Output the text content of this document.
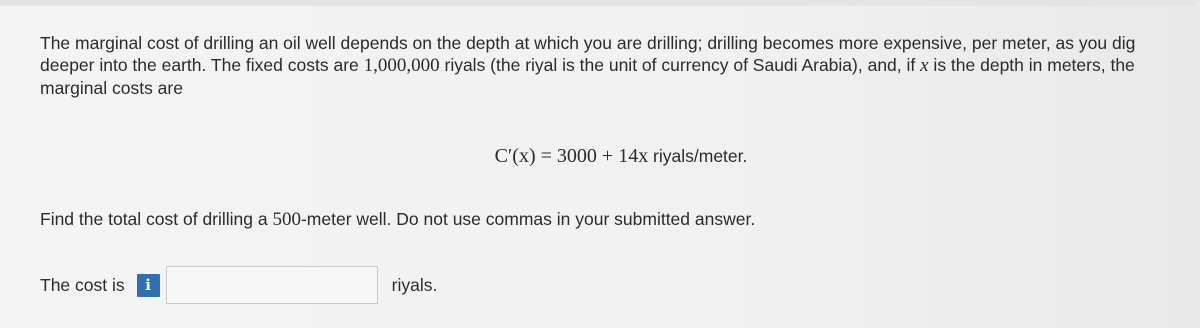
The marginal cost of drilling an oil well depends on the depth at which you are drilling; drilling becomes more expensive, per meter, as you dig deeper into the earth. The fixed costs are 1,000,000 riyals (the riyal is the unit of currency of Saudi Arabia), and, if x is the depth in meters, the marginal costs are
C′(x) = 3000 + 14x riyals/meter.
Find the total cost of drilling a 500-meter well. Do not use commas in your submitted answer.
The cost is	i	riyals.
